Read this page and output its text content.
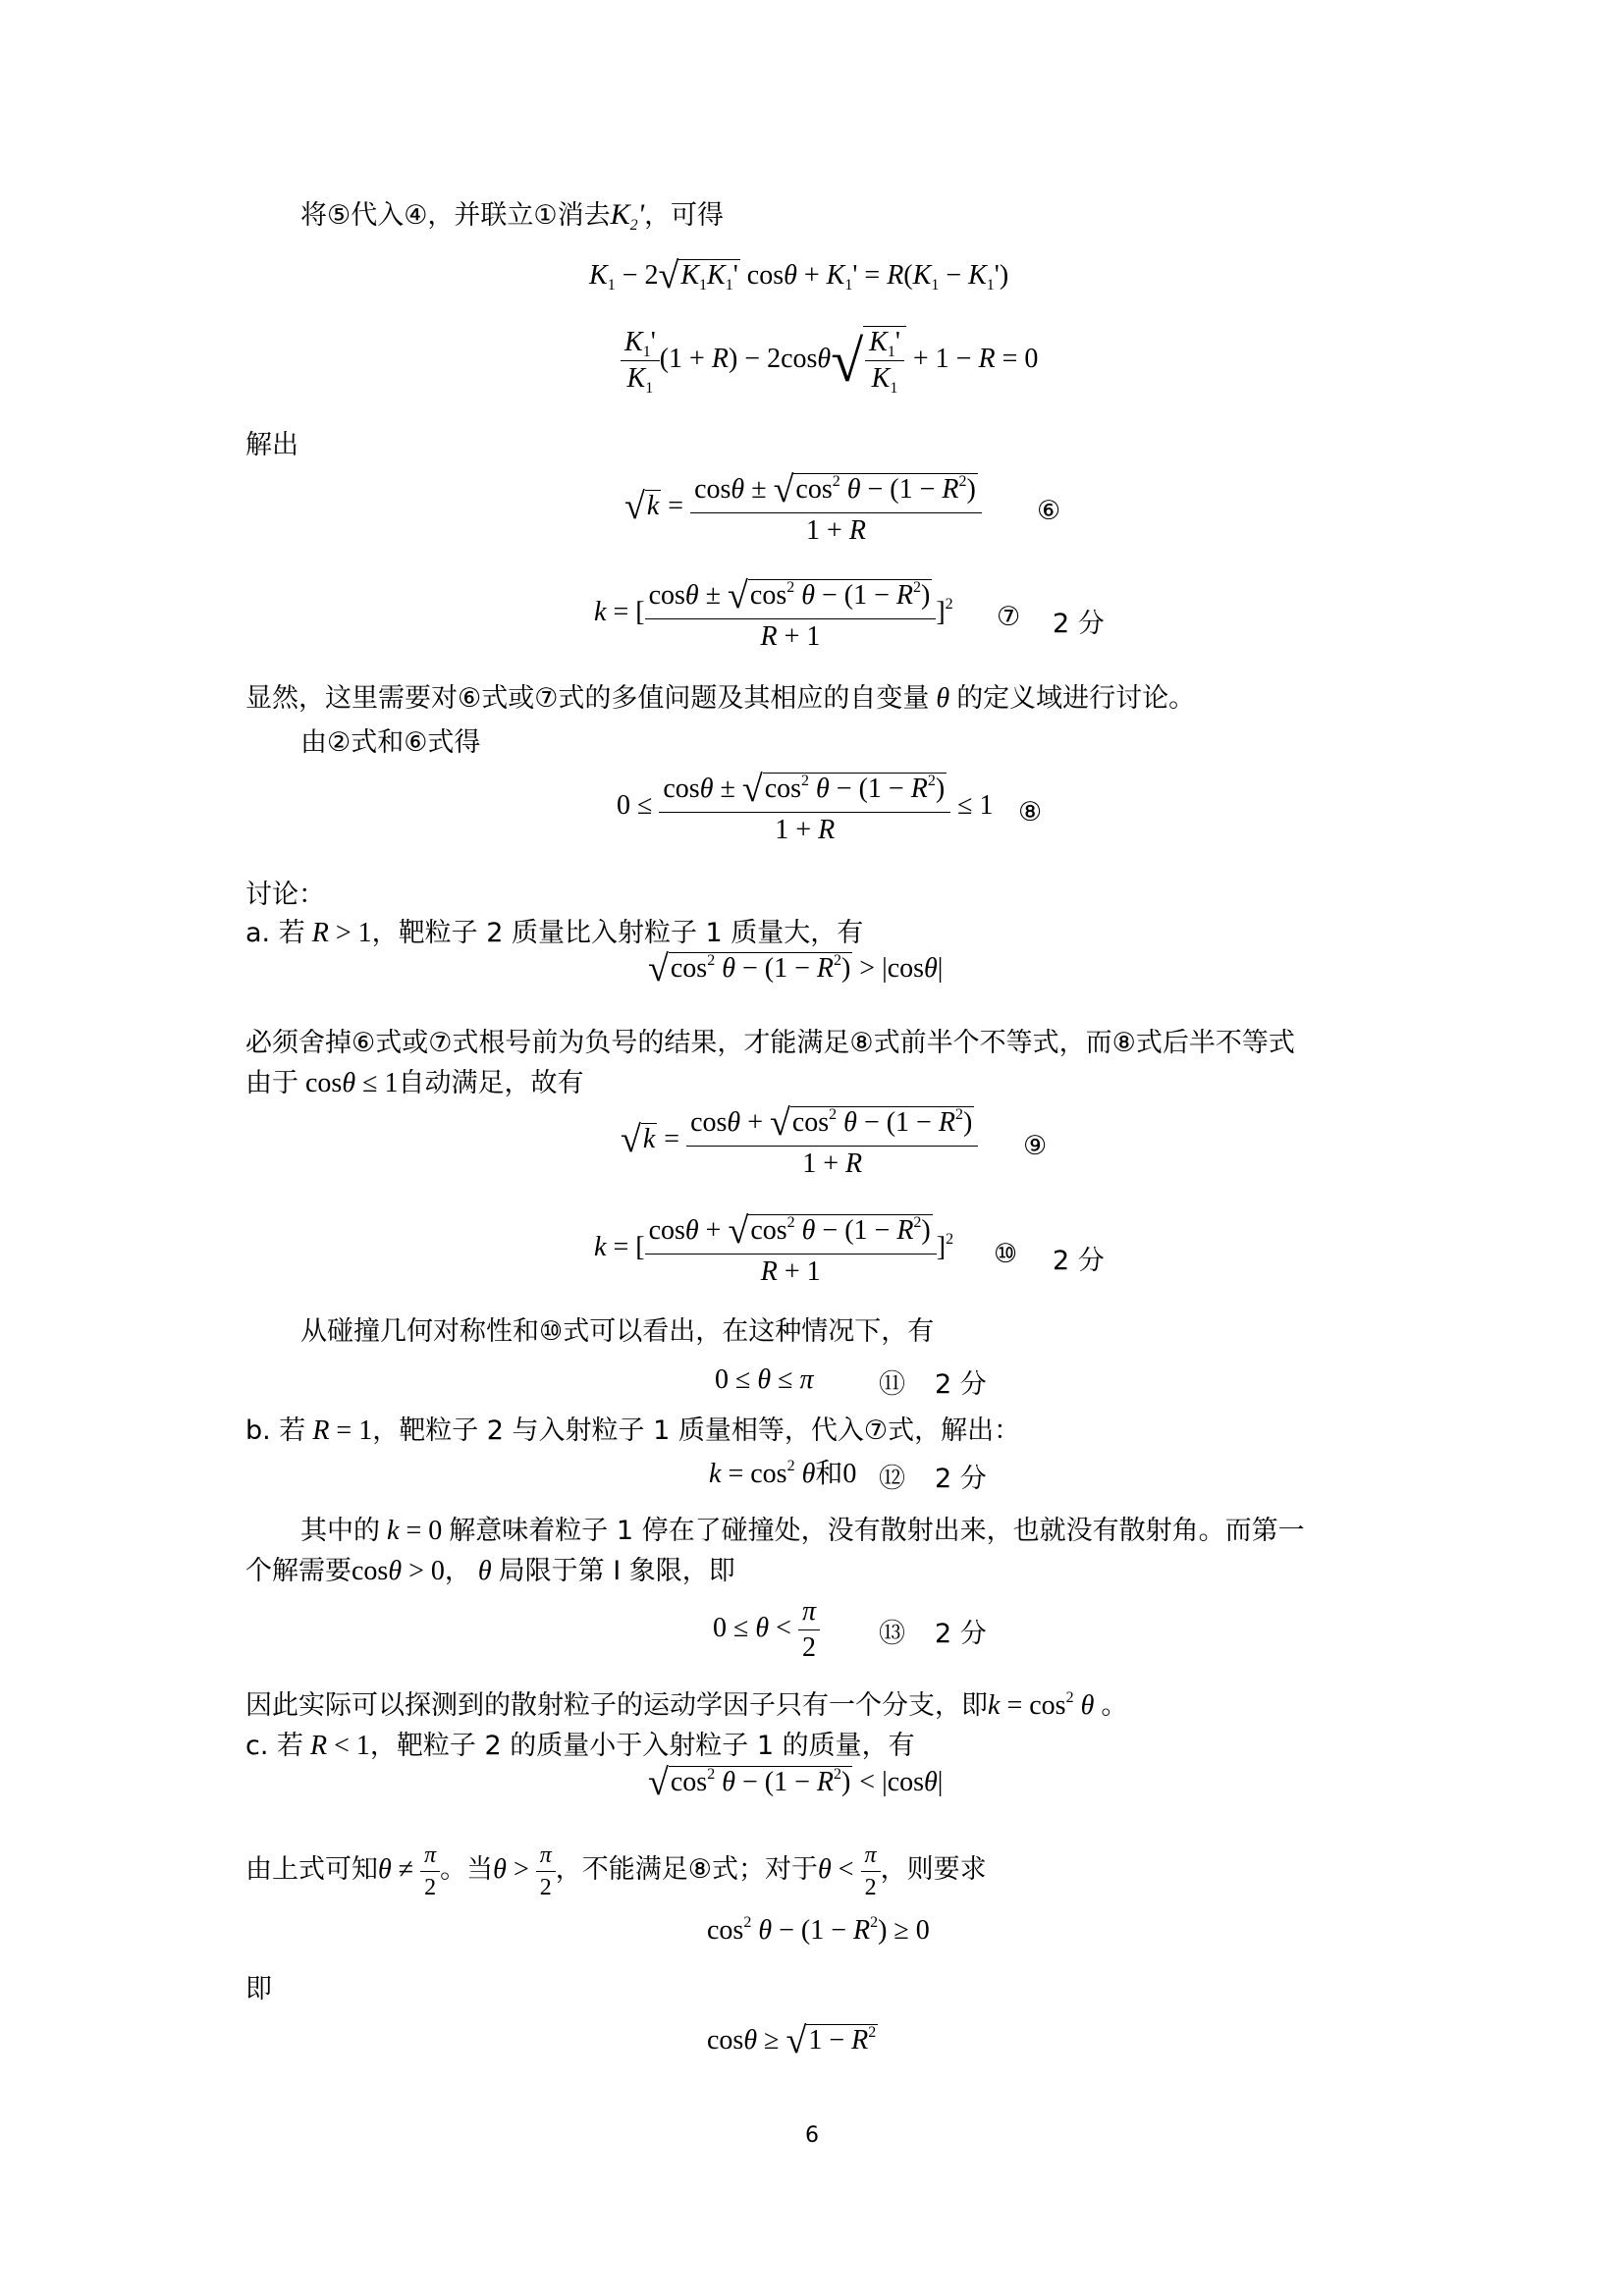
将⑤代入④，并联立①消去$K_2'$，可得
$K_1 - 2√K_1K_1'$ $\cos\theta + K_1' = R(K_1 - K_1')$
$\frac{K_1'}{K_1} (1 + R) - 2\cos\theta√ \frac{K_1'}{K_1} + 1 - R = 0$
解出
$√k = \frac{\cos\theta \pm √\cos^2 \theta - (1 - R^2)}{1 + R}$ ⑥
k = [ $\frac{\cos\theta \pm √\cos^2 \theta - (1 - R^2)}{R + 1} ]^2$ ⑦ 2 分
显然，这里需要对⑥式或⑦式的多值问题及其相应的自变量 θ 的定义域进行讨论。
由②式和⑥式得
$0 \le \frac{\cos\theta \pm √\cos^2 \theta - (1 - R^2)}{1 + R} \le 1$ ⑧
讨论：
a. 若 R > 1，靶粒子 2 质量比入射粒子 1 质量大，有
$√\cos^2$ $\theta - (1 - R^2) > |\cos\theta|$
必须舍掉⑥式或⑦式根号前为负号的结果，才能满足⑧式前半个不等式，而⑧式后半不等式
由于 cosθ ≤ 1自动满足，故有
$√k = \frac{\cos\theta + √\cos^2 \theta - (1 - R^2)}{1 + R}$ ⑨
k = [ $\frac{\cos\theta + √\cos^2 \theta - (1 - R^2)}{R + 1} ]^2$ ⑩ 2 分
从碰撞几何对称性和⑩式可以看出，在这种情况下，有
0 ≤ θ ≤ π ⑪ 2 分
b. 若 R = 1，靶粒子 2 与入射粒子 1 质量相等，代入⑦式，解出：
$k = \cos^2 \theta$和0 ⑫ 2 分
其中的 k = 0 解意味着粒子 1 停在了碰撞处，没有散射出来，也就没有散射角。而第一
个解需要cosθ > 0， θ 局限于第 I 象限，即
$0 \le \theta < \frac{\pi}{2}$ ⑬ 2 分
因此实际可以探测到的散射粒子的运动学因子只有一个分支，即$k = \cos^2 \theta$ 。
c. 若 R < 1，靶粒子 2 的质量小于入射粒子 1 的质量，有
$√\cos^2$ $\theta - (1 - R^2) < |\cos\theta|$
由上式可知$\theta \ne \frac{\pi}{2}$ 。当$\theta > \frac{\pi}{2}$ ，不能满足⑧式；对于$\theta < \frac{\pi}{2}$ ，则要求
$\cos^2 \theta - (1 - R^2) \ge 0$
即
$\cos\theta \ge √1 - R^2$
6
